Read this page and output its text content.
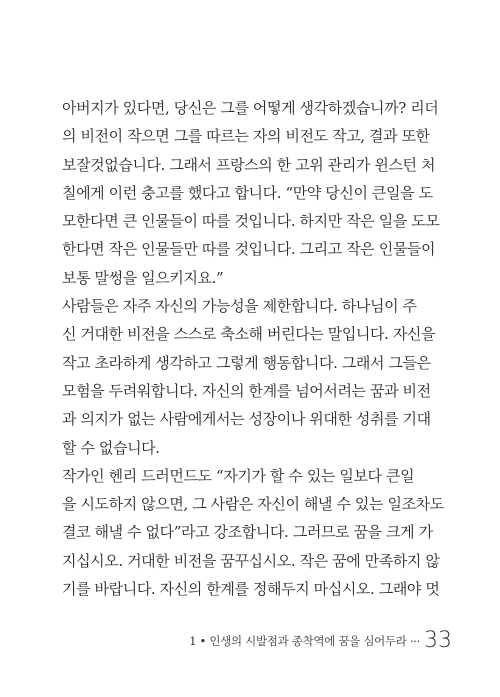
아버지가 있다면, 당신은 그를 어떻게 생각하겠습니까? 리더
의 비전이 작으면 그를 따르는 자의 비전도 작고, 결과 또한
보잘것없습니다. 그래서 프랑스의 한 고위 관리가 윈스턴 처
칠에게 이런 충고를 했다고 합니다. “만약 당신이 큰일을 도
모한다면 큰 인물들이 따를 것입니다. 하지만 작은 일을 도모
한다면 작은 인물들만 따를 것입니다. 그리고 작은 인물들이
보통 말썽을 일으키지요.”
사람들은 자주 자신의 가능성을 제한합니다. 하나님이 주
신 거대한 비전을 스스로 축소해 버린다는 말입니다. 자신을
작고 초라하게 생각하고 그렇게 행동합니다. 그래서 그들은
모험을 두려워합니다. 자신의 한계를 넘어서려는 꿈과 비전
과 의지가 없는 사람에게서는 성장이나 위대한 성취를 기대
할 수 없습니다.
작가인 헨리 드러먼드도 “자기가 할 수 있는 일보다 큰일
을 시도하지 않으면, 그 사람은 자신이 해낼 수 있는 일조차도
결코 해낼 수 없다”라고 강조합니다. 그러므로 꿈을 크게 가
지십시오. 거대한 비전을 꿈꾸십시오. 작은 꿈에 만족하지 않
기를 바랍니다. 자신의 한계를 정해두지 마십시오. 그래야 멋
1 • 인생의 시발점과 종착역에 꿈을 심어두라 ··· 33
